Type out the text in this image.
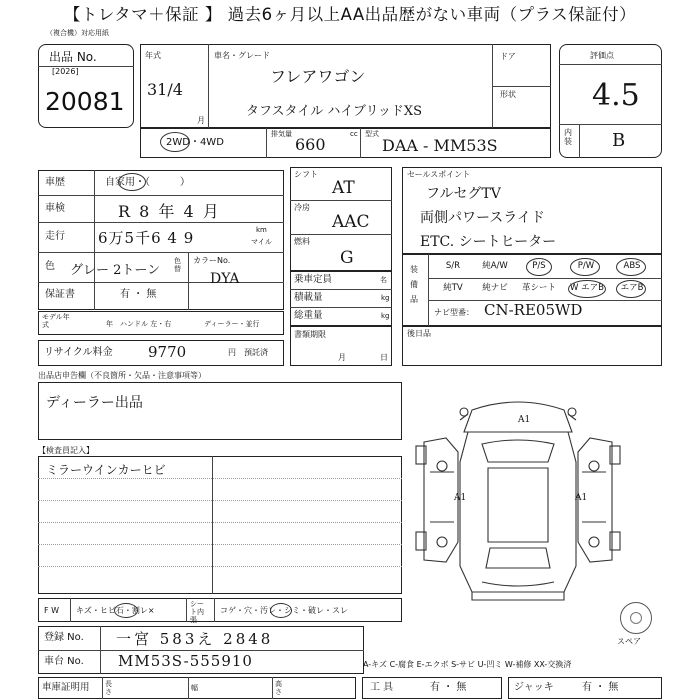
【トレタマ＋保証 】 過去6ヶ月以上AA出品歴がない車両（プラス保証付）
（複合機）対応用紙
出品 No.
[2026]
20081
年式
31/4
月
車名・グレード
フレアワゴン
タフスタイル ハイブリッドXS
ドア
形状
評価点
4.5
内装 B
2WD・4WD
排気量	cc
660
型式
DAA - MM53S
車歴	自家用・（　　　）
車検	R 8 年 4 月
走行 6万5千6 4 9	km
マイル
色 グレー 2トーン
色替
カラーNo.
DYA
保証書	有 ・ 無
モデル年式	年 ハンドル 左・右	ディーラー・並行
シフト
AT
冷房
AAC
燃料
G
乗車定員	名
積載量	kg
総重量	kg
セールスポイント
フルセグTV
両側パワースライド
ETC. シートヒーター
装備品
S/R	純A/W	P/S	P/W	ABS
純TV	純ナビ	革シート	W エアB	エアB
ナビ型番： CN-RE05WD
リサイクル料金 9770	円 預託済
書類期限
月	日
後日品
出品店申告欄（不良箇所・欠品・注意事項等）
ディーラー出品
【検査員記入】
ミラーウインカーヒビ
A1
A1	A1
スペア
F W キズ・ヒビ石・割レ×
シート内張
コゲ・穴・汚レ・シミ・破レ・スレ
登録 No. 一宮 583え 2848
車台 No. MM53S-555910	A-キズ C-腐食 E-エクボ S-サビ U-凹ミ W-補修 XX-交換済
車庫証明用 長さ	幅	高さ	工 具	有 ・ 無	ジャッキ	有 ・ 無
